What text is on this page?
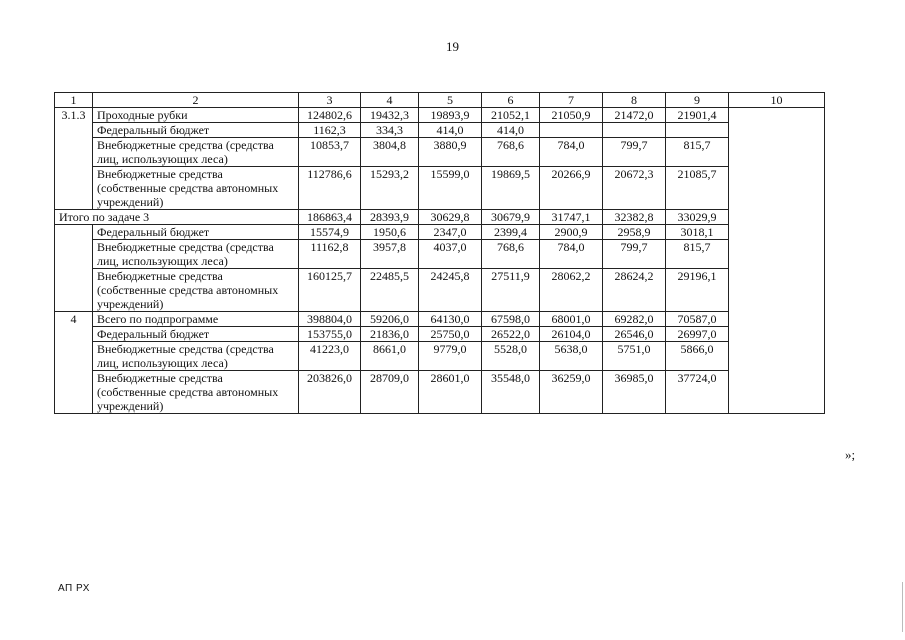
19
1	2	3	4	5	6	7	8	9	10
3.1.3	Проходные рубки	124802,6	19432,3	19893,9	21052,1	21050,9	21472,0	21901,4	
	Федеральный бюджет	1162,3	334,3	414,0	414,0				
	Внебюджетные средства (средства лиц, использующих леса)	10853,7	3804,8	3880,9	768,6	784,0	799,7	815,7	
	Внебюджетные средства (собственные средства автономных учреждений)	112786,6	15293,2	15599,0	19869,5	20266,9	20672,3	21085,7	
Итого по задаче 3		186863,4	28393,9	30629,8	30679,9	31747,1	32382,8	33029,9	
	Федеральный бюджет	15574,9	1950,6	2347,0	2399,4	2900,9	2958,9	3018,1	
	Внебюджетные средства (средства лиц, использующих леса)	11162,8	3957,8	4037,0	768,6	784,0	799,7	815,7	
	Внебюджетные средства (собственные средства автономных учреждений)	160125,7	22485,5	24245,8	27511,9	28062,2	28624,2	29196,1	
4	Всего по подпрограмме	398804,0	59206,0	64130,0	67598,0	68001,0	69282,0	70587,0	
	Федеральный бюджет	153755,0	21836,0	25750,0	26522,0	26104,0	26546,0	26997,0	
	Внебюджетные средства (средства лиц, использующих леса)	41223,0	8661,0	9779,0	5528,0	5638,0	5751,0	5866,0	
	Внебюджетные средства (собственные средства автономных учреждений)	203826,0	28709,0	28601,0	35548,0	36259,0	36985,0	37724,0	
»;
АП РХ
